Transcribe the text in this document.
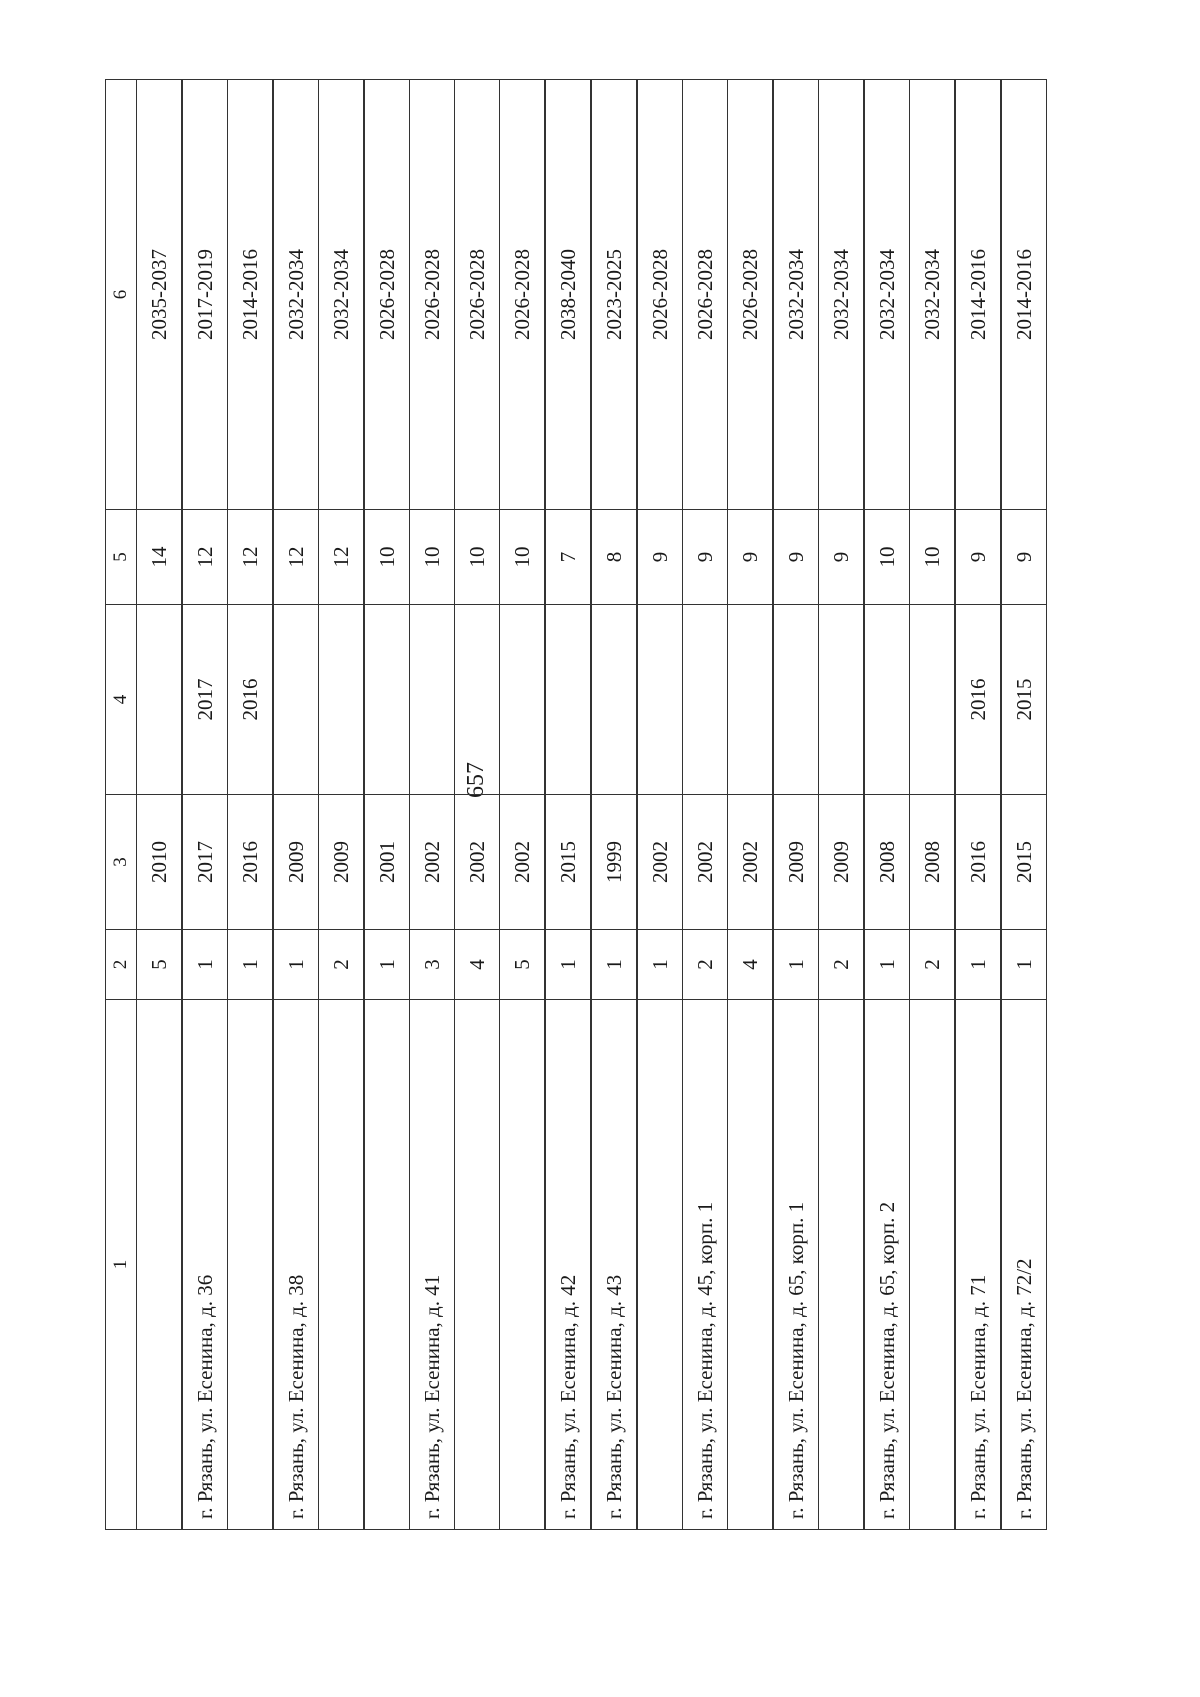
657
1	2	3	4	5	6
	5	2010		14	2035-2037
г. Рязань, ул. Есенина, д. 36	1	2017	2017	12	2017-2019
	1	2016	2016	12	2014-2016
г. Рязань, ул. Есенина, д. 38	1	2009		12	2032-2034
	2	2009		12	2032-2034
	1	2001		10	2026-2028
г. Рязань, ул. Есенина, д. 41	3	2002		10	2026-2028
	4	2002		10	2026-2028
	5	2002		10	2026-2028
г. Рязань, ул. Есенина, д. 42	1	2015		7	2038-2040
г. Рязань, ул. Есенина, д. 43	1	1999		8	2023-2025
	1	2002		9	2026-2028
г. Рязань, ул. Есенина, д. 45, корп. 1	2	2002		9	2026-2028
	4	2002		9	2026-2028
г. Рязань, ул. Есенина, д. 65, корп. 1	1	2009		9	2032-2034
	2	2009		9	2032-2034
г. Рязань, ул. Есенина, д. 65, корп. 2	1	2008		10	2032-2034
	2	2008		10	2032-2034
г. Рязань, ул. Есенина, д. 71	1	2016	2016	9	2014-2016
г. Рязань, ул. Есенина, д. 72/2	1	2015	2015	9	2014-2016
